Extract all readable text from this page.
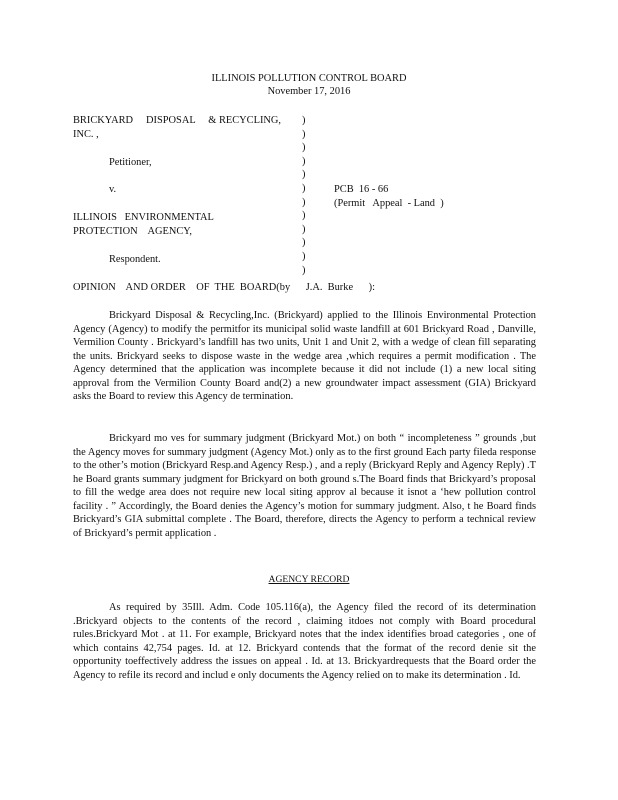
ILLINOIS POLLUTION CONTROL BOARD
November 17, 2016
BRICKYARD     DISPOSAL     & RECYCLING,
INC. ,
Petitioner,
v.
ILLINOIS   ENVIRONMENTAL
PROTECTION    AGENCY,
Respondent.
)
)
)
)
)
)
)
)
)
)
)
)
PCB  16 - 66
(Permit   Appeal  - Land  )
OPINION    AND ORDER    OF  THE  BOARD(by      J.A.  Burke      ):
Brickyard Disposal & Recycling,Inc. (Brickyard) applied to the Illinois Environmental Protection Agency (Agency) to modify the permitfor its municipal solid waste landfill at 601 Brickyard Road , Danville, Vermilion County . Brickyard’s landfill has two units, Unit 1 and Unit 2, with a wedge of clean fill separating the units. Brickyard seeks to dispose waste in the wedge area ,which requires a permit modification . The Agency determined that the application was incomplete because it did not include (1) a new local siting approval from the Vermilion County Board and(2) a new groundwater impact assessment (GIA) Brickyard asks the Board to review this Agency de termination.
Brickyard mo ves for summary judgment (Brickyard Mot.) on both “ incompleteness ” grounds ,but the Agency moves for summary judgment (Agency Mot.) only as to the first ground Each party fileda response to the other’s motion (Brickyard Resp.and Agency Resp.) , and a reply (Brickyard Reply and Agency Reply) .T he Board grants summary judgment for Brickyard on both ground s.The Board finds that Brickyard’s proposal to fill the wedge area does not require new local siting approv al because it isnot a ‘hew pollution control facility . ” Accordingly, the Board denies the Agency’s motion for summary judgment. Also, t he Board finds Brickyard’s GIA submittal complete . The Board, therefore, directs the Agency to perform a technical review of Brickyard’s permit application .
AGENCY RECORD
As required by 35Ill. Adm. Code 105.116(a), the Agency filed the record of its determination .Brickyard objects to the contents of the record , claiming itdoes not comply with Board procedural rules.Brickyard Mot . at 11. For example, Brickyard notes that the index identifies broad categories , one of which contains 42,754 pages. Id. at 12. Brickyard contends that the format of the record denie sit the opportunity toeffectively address the issues on appeal . Id. at 13. Brickyardrequests that the Board order the Agency to refile its record and includ e only documents the Agency relied on to make its determination . Id.
